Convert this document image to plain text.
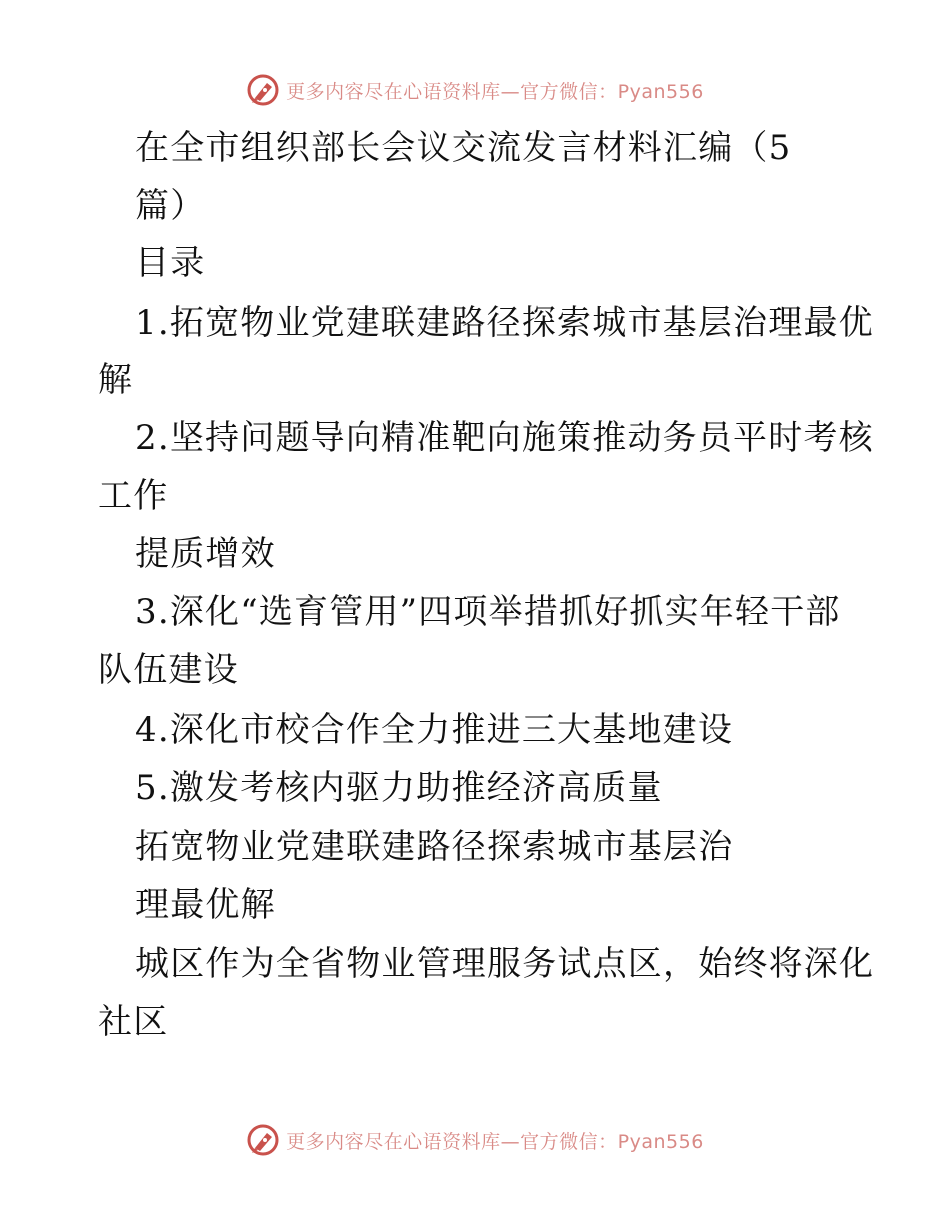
更多内容尽在心语资料库—官方微信：Pyan556
在全市组织部长会议交流发言材料汇编（5
篇）
目录
1.拓宽物业党建联建路径探索城市基层治理最优
解
2.坚持问题导向精准靶向施策推动务员平时考核
工作
提质增效
3.深化“选育管用”四项举措抓好抓实年轻干部
队伍建设
4.深化市校合作全力推进三大基地建设
5.激发考核内驱力助推经济高质量
拓宽物业党建联建路径探索城市基层治
理最优解
城区作为全省物业管理服务试点区，始终将深化
社区
更多内容尽在心语资料库—官方微信：Pyan556
